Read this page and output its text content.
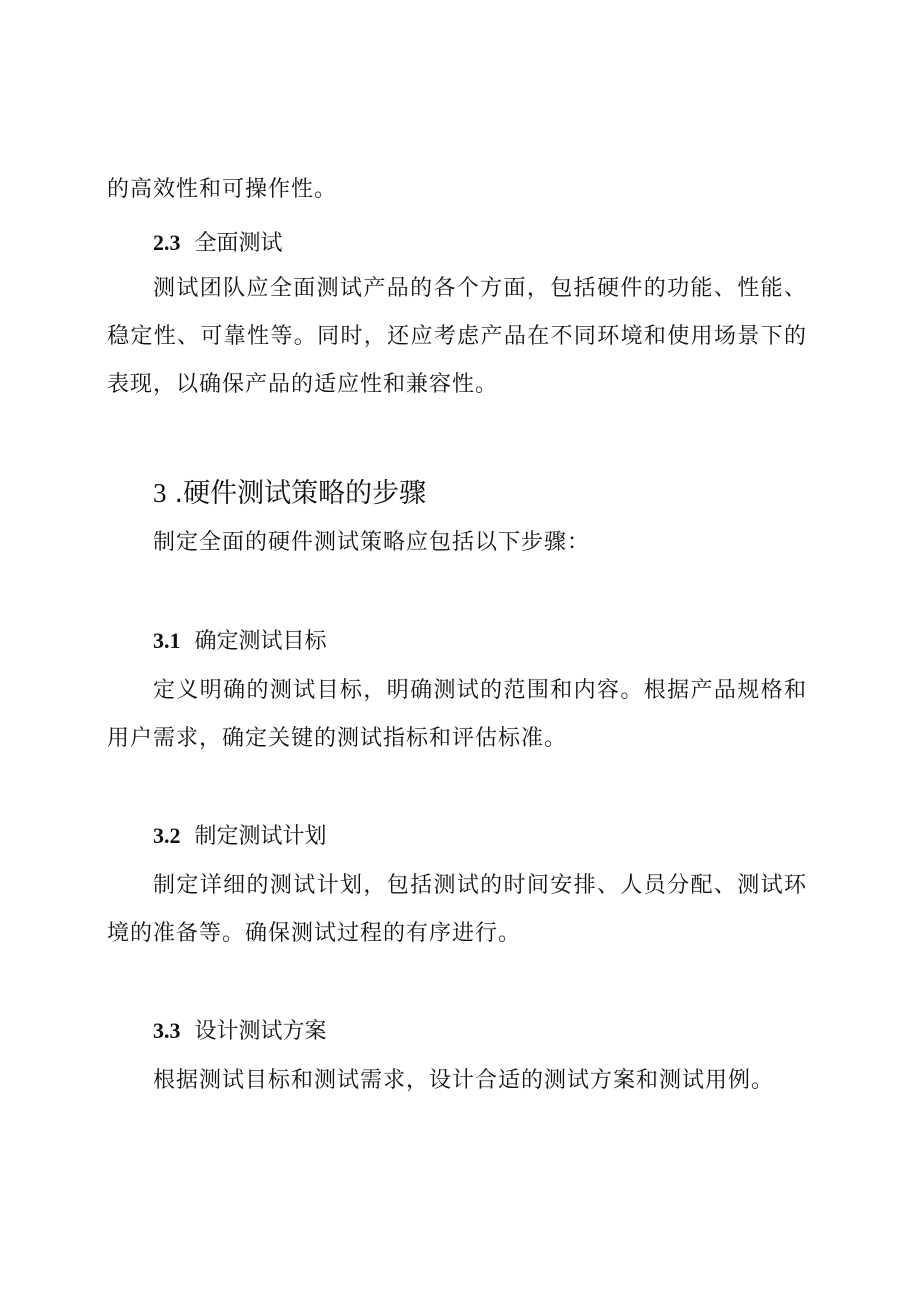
的高效性和可操作性。

2.3 全面测试

测试团队应全面测试产品的各个方面，包括硬件的功能、性能、稳定性、可靠性等。同时，还应考虑产品在不同环境和使用场景下的表现，以确保产品的适应性和兼容性。

3 .硬件测试策略的步骤

制定全面的硬件测试策略应包括以下步骤：

3.1 确定测试目标

定义明确的测试目标，明确测试的范围和内容。根据产品规格和用户需求，确定关键的测试指标和评估标准。

3.2 制定测试计划

制定详细的测试计划，包括测试的时间安排、人员分配、测试环境的准备等。确保测试过程的有序进行。

3.3 设计测试方案

根据测试目标和测试需求，设计合适的测试方案和测试用例。
